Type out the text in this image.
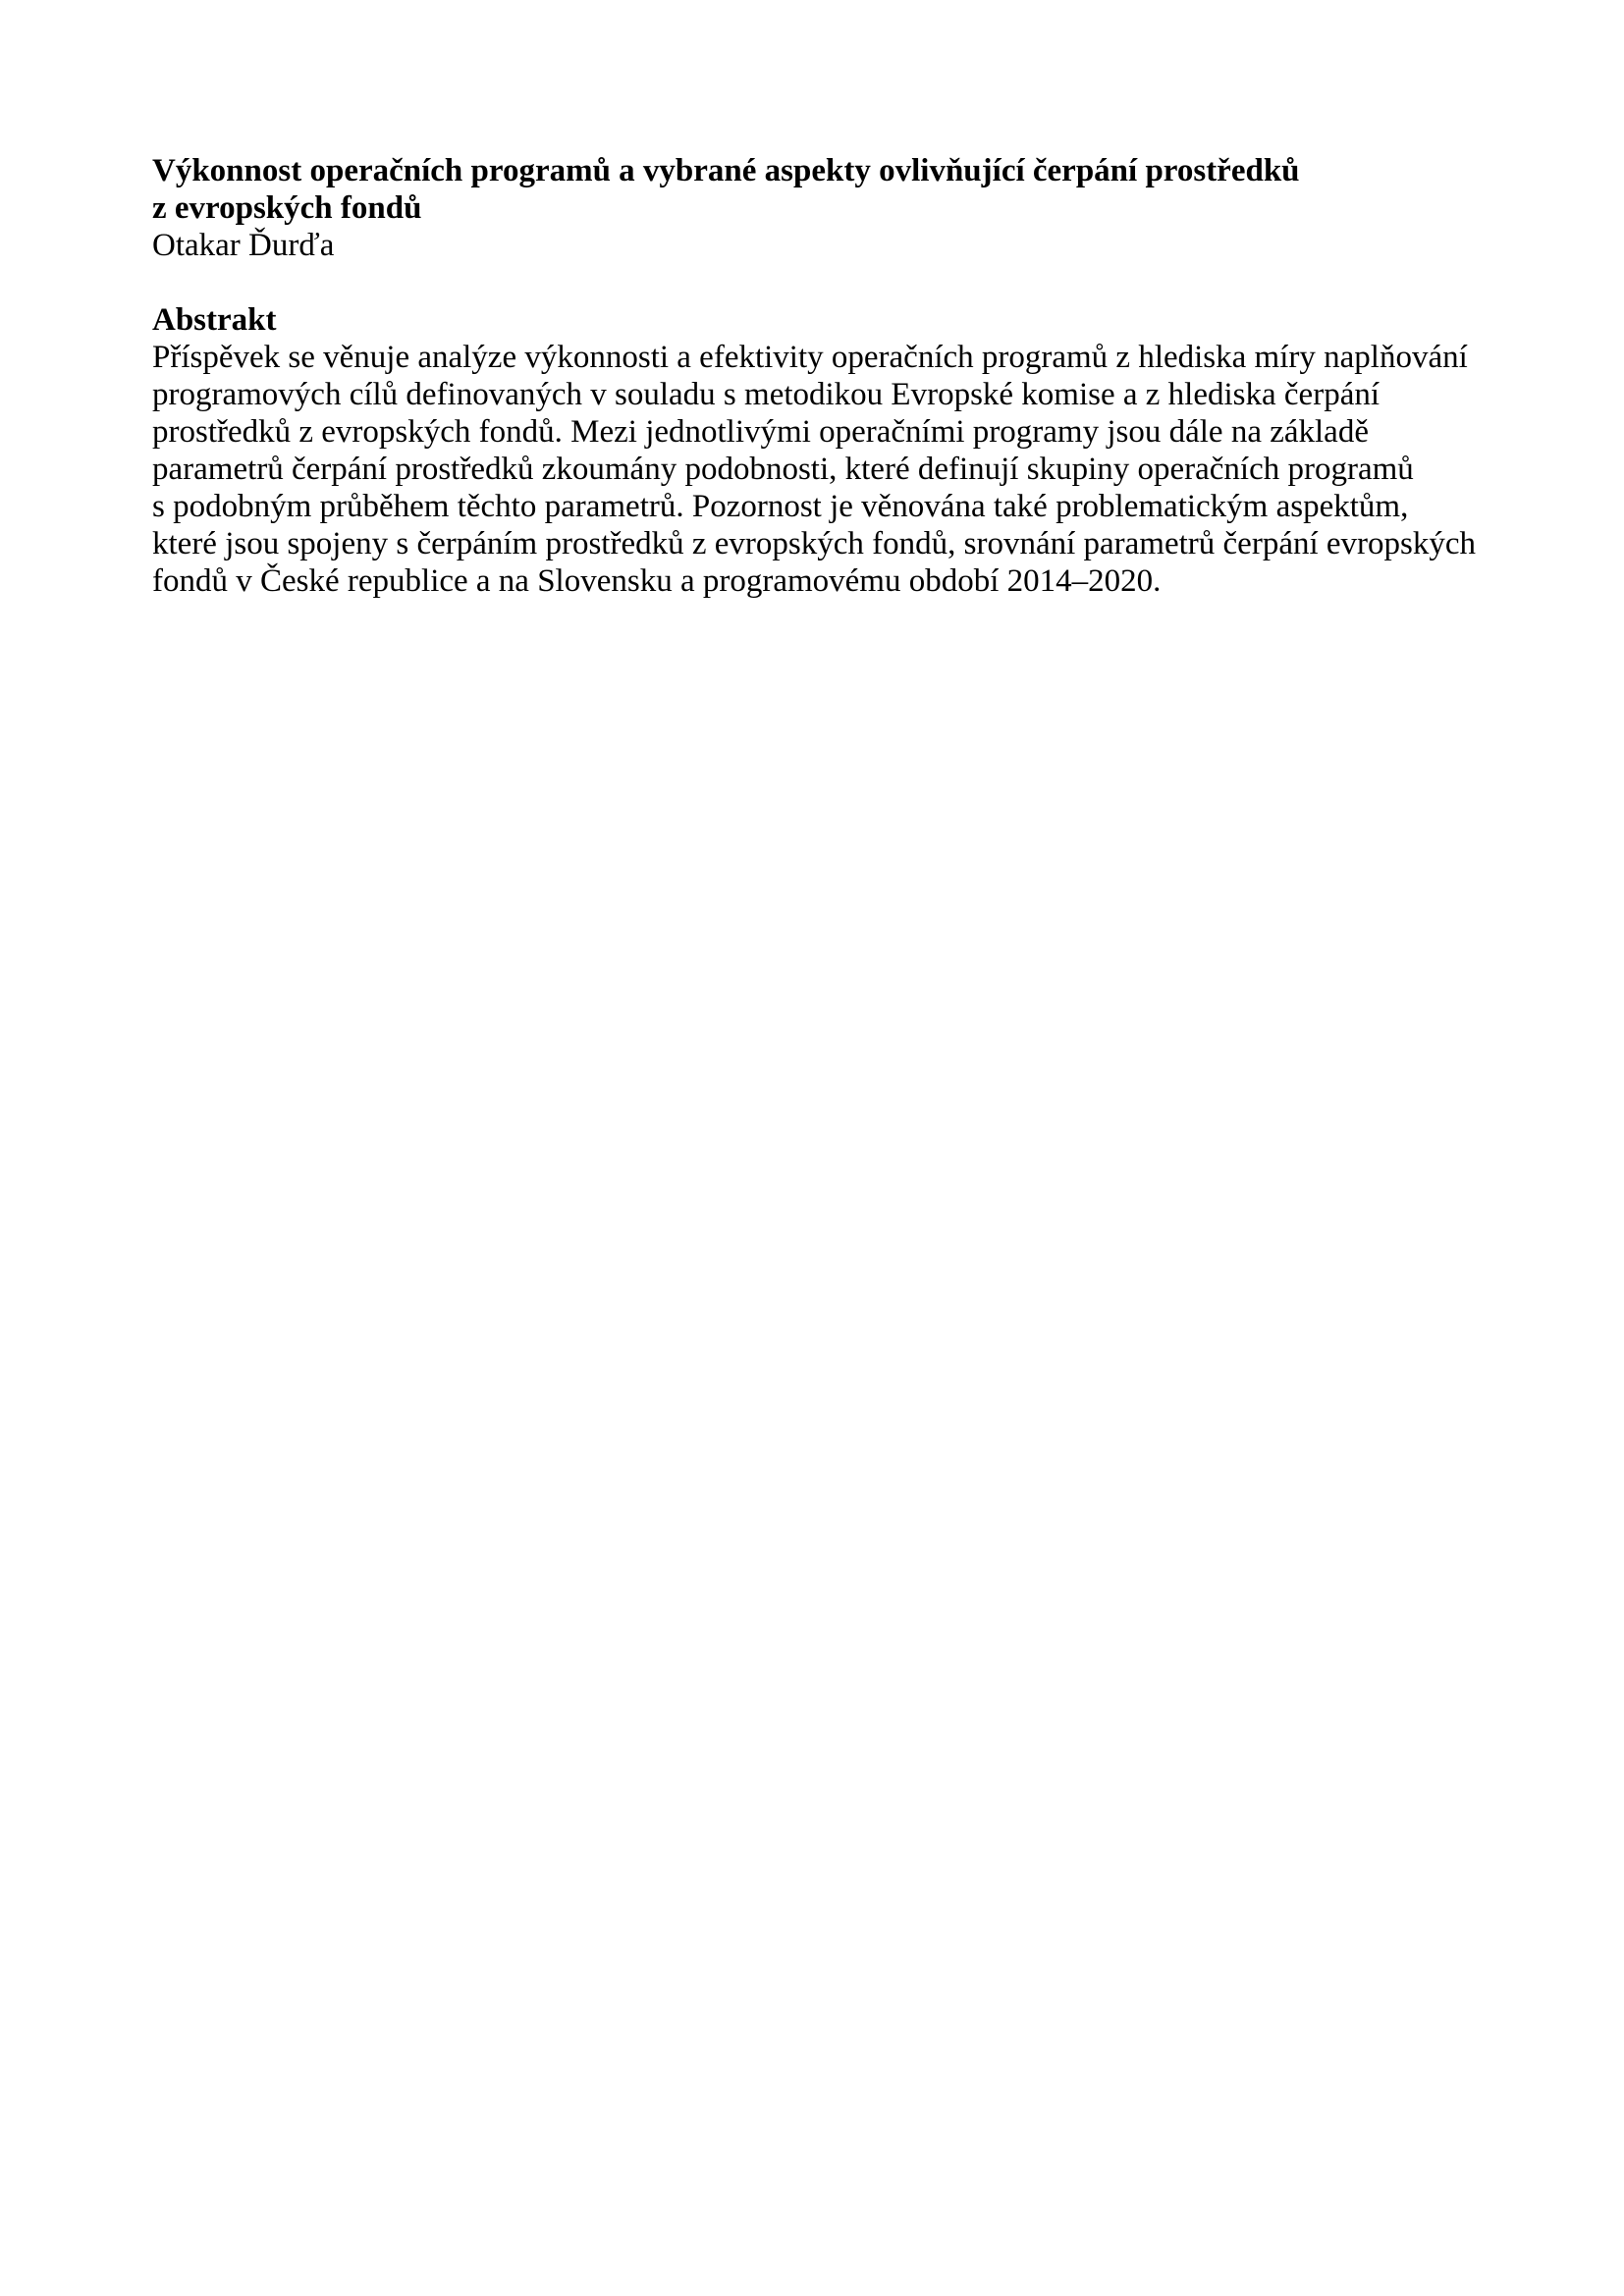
Výkonnost operačních programů a vybrané aspekty ovlivňující čerpání prostředků
z evropských fondů
Otakar Ďurďa
Abstrakt
Příspěvek se věnuje analýze výkonnosti a efektivity operačních programů z hlediska míry naplňování
programových cílů definovaných v souladu s metodikou Evropské komise a z hlediska čerpání
prostředků z evropských fondů. Mezi jednotlivými operačními programy jsou dále na základě
parametrů čerpání prostředků zkoumány podobnosti, které definují skupiny operačních programů
s podobným průběhem těchto parametrů. Pozornost je věnována také problematickým aspektům,
které jsou spojeny s čerpáním prostředků z evropských fondů, srovnání parametrů čerpání evropských
fondů v České republice a na Slovensku a programovému období 2014–2020.
